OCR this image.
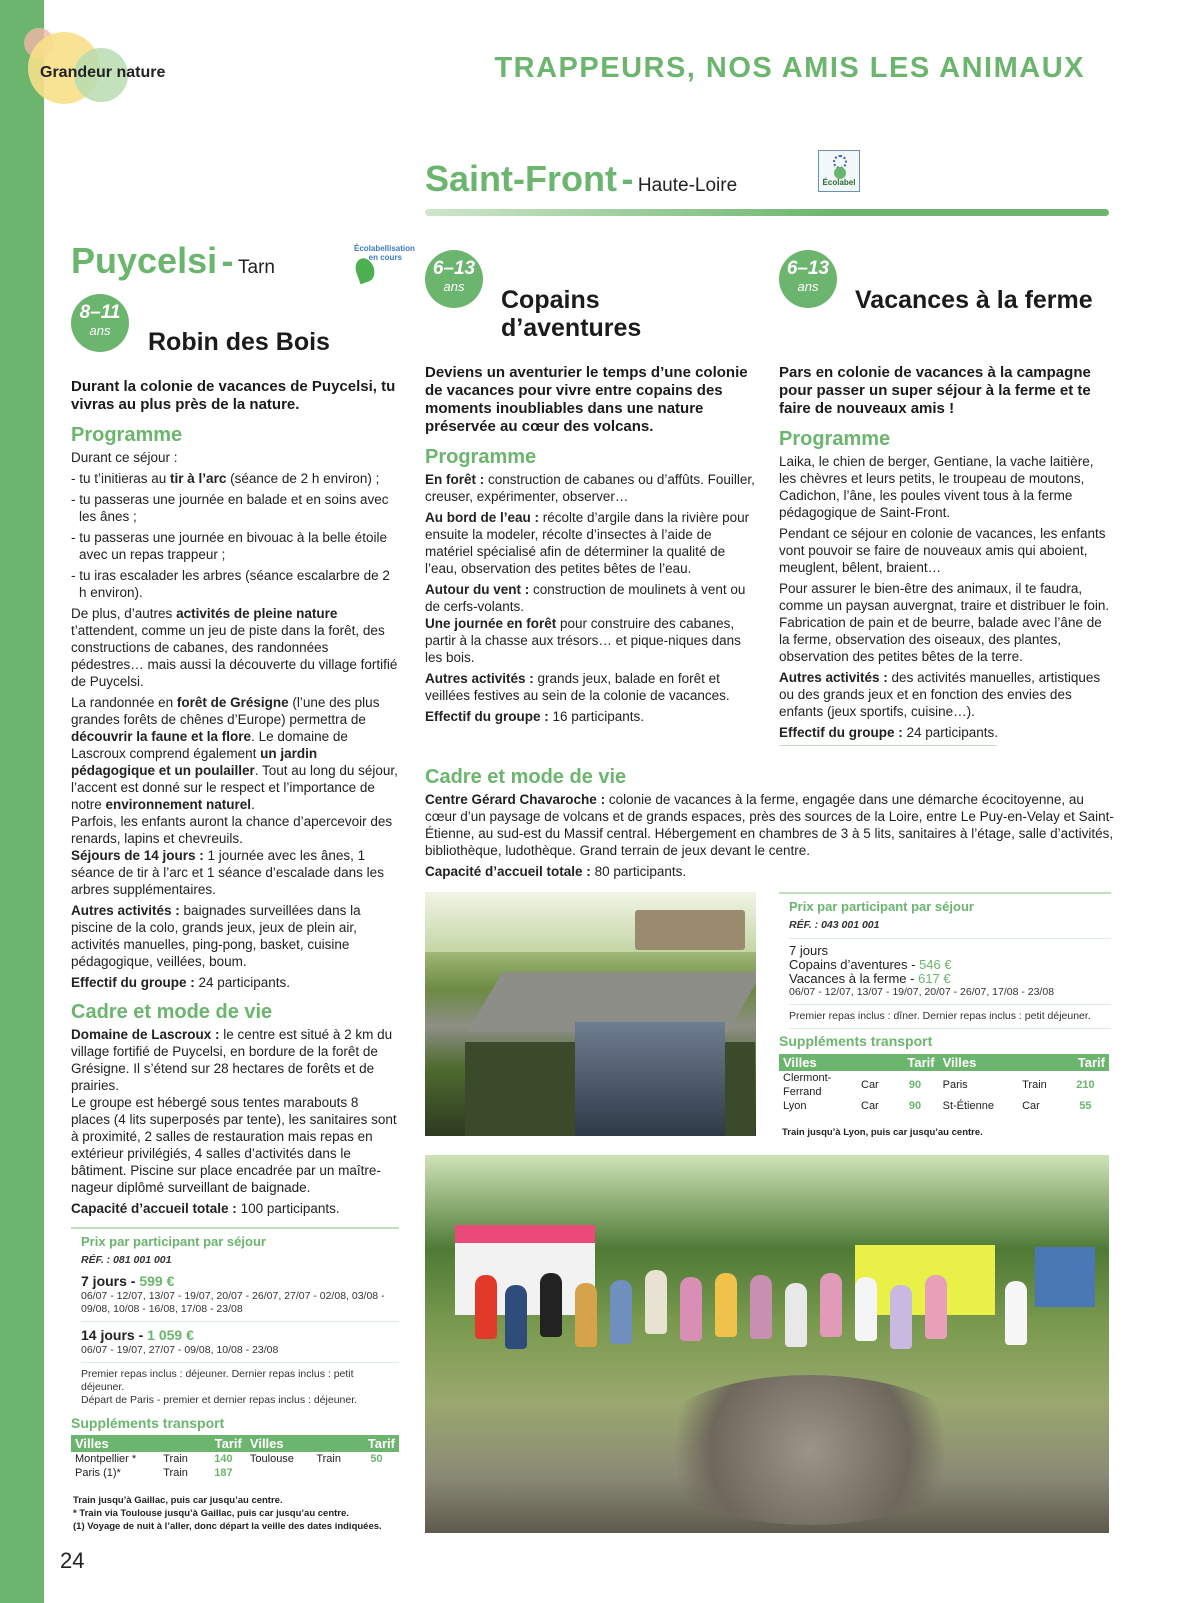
Grandeur nature	TRAPPEURS, NOS AMIS LES ANIMAUX
Saint-Front - Haute-Loire	Écolabel
Puycelsi - Tarn
Écolabellisation en cours
8–11
ans	Robin des Bois

Durant la colonie de vacances de Puycelsi, tu vivras au plus près de la nature.

Programme

Durant ce séjour :

- tu t’initieras au tir à l’arc (séance de 2 h environ) ;

- tu passeras une journée en balade et en soins avec les ânes ;

- tu passeras une journée en bivouac à la belle étoile avec un repas trappeur ;

- tu iras escalader les arbres (séance escalarbre de 2 h environ).

De plus, d’autres activités de pleine nature t’attendent, comme un jeu de piste dans la forêt, des constructions de cabanes, des randonnées pédestres… mais aussi la découverte du village fortifié de Puycelsi.

La randonnée en forêt de Grésigne (l’une des plus grandes forêts de chênes d’Europe) permettra de découvrir la faune et la flore. Le domaine de Lascroux comprend également un jardin pédagogique et un poulailler. Tout au long du séjour, l’accent est donné sur le respect et l’importance de notre environnement naturel.

Parfois, les enfants auront la chance d’apercevoir des renards, lapins et chevreuils.

Séjours de 14 jours : 1 journée avec les ânes, 1 séance de tir à l’arc et 1 séance d’escalade dans les arbres supplémentaires.

Autres activités : baignades surveillées dans la piscine de la colo, grands jeux, jeux de plein air, activités manuelles, ping-pong, basket, cuisine pédagogique, veillées, boum.

Effectif du groupe : 24 participants.

Cadre et mode de vie

Domaine de Lascroux : le centre est situé à 2 km du village fortifié de Puycelsi, en bordure de la forêt de Grésigne. Il s’étend sur 28 hectares de forêts et de prairies.

Le groupe est hébergé sous tentes marabouts 8 places (4 lits superposés par tente), les sanitaires sont à proximité, 2 salles de restauration mais repas en extérieur privilégiés, 4 salles d’activités dans le bâtiment. Piscine sur place encadrée par un maître-nageur diplômé surveillant de baignade.

Capacité d’accueil totale : 100 participants.

Prix par participant par séjour
RÉF. : 081 001 001
7 jours - 599 €
06/07 - 12/07, 13/07 - 19/07, 20/07 - 26/07, 27/07 - 02/08, 03/08 - 09/08, 10/08 - 16/08, 17/08 - 23/08
14 jours - 1 059 €
06/07 - 19/07, 27/07 - 09/08, 10/08 - 23/08
Premier repas inclus : déjeuner. Dernier repas inclus : petit déjeuner.
Départ de Paris - premier et dernier repas inclus : déjeuner.
Suppléments transport
Villes		Tarif	Villes		Tarif
Montpellier *	Train	140	Toulouse	Train	50
Paris (1)*	Train	187			
Train jusqu’à Gaillac, puis car jusqu’au centre.
* Train via Toulouse jusqu’à Gaillac, puis car jusqu’au centre.
(1) Voyage de nuit à l’aller, donc départ la veille des dates indiquées.
6–13
ans	Copains d’aventures

Deviens un aventurier le temps d’une colonie de vacances pour vivre entre copains des moments inoubliables dans une nature préservée au cœur des volcans.

Programme

En forêt : construction de cabanes ou d’affûts. Fouiller, creuser, expérimenter, observer…

Au bord de l’eau : récolte d’argile dans la rivière pour ensuite la modeler, récolte d’insectes à l’aide de matériel spécialisé afin de déterminer la qualité de l’eau, observation des petites bêtes de l’eau.

Autour du vent : construction de moulinets à vent ou de cerfs-volants.

Une journée en forêt pour construire des cabanes, partir à la chasse aux trésors… et pique-niques dans les bois.

Autres activités : grands jeux, balade en forêt et veillées festives au sein de la colonie de vacances.

Effectif du groupe : 16 participants.

6–13
ans	Vacances à la ferme

Pars en colonie de vacances à la campagne pour passer un super séjour à la ferme et te faire de nouveaux amis !

Programme

Laika, le chien de berger, Gentiane, la vache laitière, les chèvres et leurs petits, le troupeau de moutons, Cadichon, l’âne, les poules vivent tous à la ferme pédagogique de Saint-Front.

Pendant ce séjour en colonie de vacances, les enfants vont pouvoir se faire de nouveaux amis qui aboient, meuglent, bêlent, braient…

Pour assurer le bien-être des animaux, il te faudra, comme un paysan auvergnat, traire et distribuer le foin. Fabrication de pain et de beurre, balade avec l’âne de la ferme, observation des oiseaux, des plantes, observation des petites bêtes de la terre.

Autres activités : des activités manuelles, artistiques ou des grands jeux et en fonction des envies des enfants (jeux sportifs, cuisine…).

Effectif du groupe : 24 participants.

Cadre et mode de vie

Centre Gérard Chavaroche : colonie de vacances à la ferme, engagée dans une démarche écocitoyenne, au cœur d’un paysage de volcans et de grands espaces, près des sources de la Loire, entre Le Puy-en-Velay et Saint-Étienne, au sud-est du Massif central. Hébergement en chambres de 3 à 5 lits, sanitaires à l’étage, salle d’activités, bibliothèque, ludothèque. Grand terrain de jeux devant le centre.

Capacité d’accueil totale : 80 participants.

Prix par participant par séjour
RÉF. : 043 001 001
7 jours
Copains d’aventures - 546 €
Vacances à la ferme - 617 €
06/07 - 12/07, 13/07 - 19/07, 20/07 - 26/07, 17/08 - 23/08
Premier repas inclus : dîner. Dernier repas inclus : petit déjeuner.
Suppléments transport
Villes		Tarif	Villes		Tarif
Clermont-Ferrand	Car	90	Paris	Train	210
Lyon	Car	90	St-Étienne	Car	55
Train jusqu’à Lyon, puis car jusqu’au centre.
24
